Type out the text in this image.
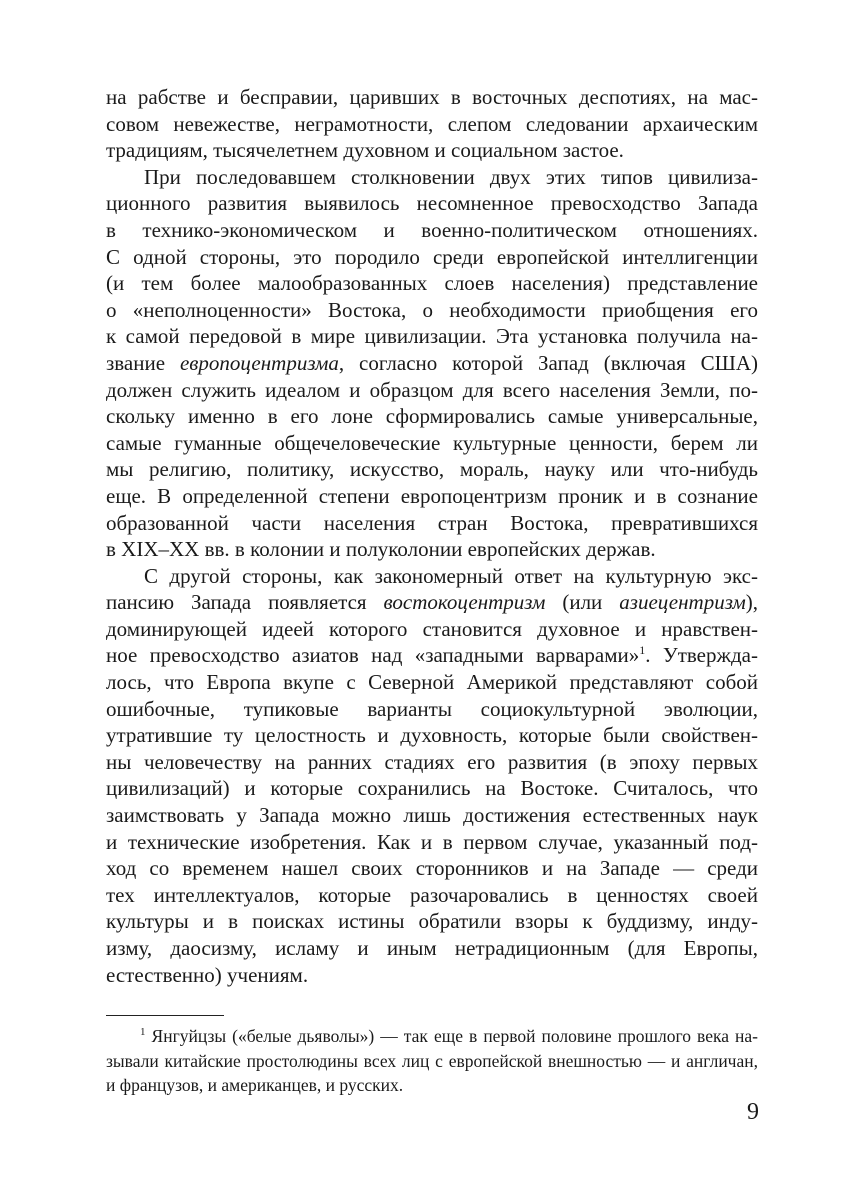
на рабстве и бесправии, царивших в восточных деспотиях, на мас-
совом невежестве, неграмотности, слепом следовании архаическим
традициям, тысячелетнем духовном и социальном застое.
При последовавшем столкновении двух этих типов цивилиза-
ционного развития выявилось несомненное превосходство Запада
в технико-экономическом и военно-политическом отношениях.
С одной стороны, это породило среди европейской интеллигенции
(и тем более малообразованных слоев населения) представление
о «неполноценности» Востока, о необходимости приобщения его
к самой передовой в мире цивилизации. Эта установка получила на-
звание европоцентризма, согласно которой Запад (включая США)
должен служить идеалом и образцом для всего населения Земли, по-
скольку именно в его лоне сформировались самые универсальные,
самые гуманные общечеловеческие культурные ценности, берем ли
мы религию, политику, искусство, мораль, науку или что-нибудь
еще. В определенной степени европоцентризм проник и в сознание
образованной части населения стран Востока, превратившихся
в XIX–XX вв. в колонии и полуколонии европейских держав.
С другой стороны, как закономерный ответ на культурную экс-
пансию Запада появляется востокоцентризм (или азиецентризм),
доминирующей идеей которого становится духовное и нравствен-
ное превосходство азиатов над «западными варварами»$^1$. Утвержда-
лось, что Европа вкупе с Северной Америкой представляют собой
ошибочные, тупиковые варианты социокультурной эволюции,
утратившие ту целостность и духовность, которые были свойствен-
ны человечеству на ранних стадиях его развития (в эпоху первых
цивилизаций) и которые сохранились на Востоке. Считалось, что
заимствовать у Запада можно лишь достижения естественных наук
и технические изобретения. Как и в первом случае, указанный под-
ход со временем нашел своих сторонников и на Западе — среди
тех интеллектуалов, которые разочаровались в ценностях своей
культуры и в поисках истины обратили взоры к буддизму, инду-
изму, даосизму, исламу и иным нетрадиционным (для Европы,
естественно) учениям.
$^1$ Янгуйцзы («белые дьяволы») — так еще в первой половине прошлого века на-
зывали китайские простолюдины всех лиц с европейской внешностью — и англичан,
и французов, и американцев, и русских.
9
